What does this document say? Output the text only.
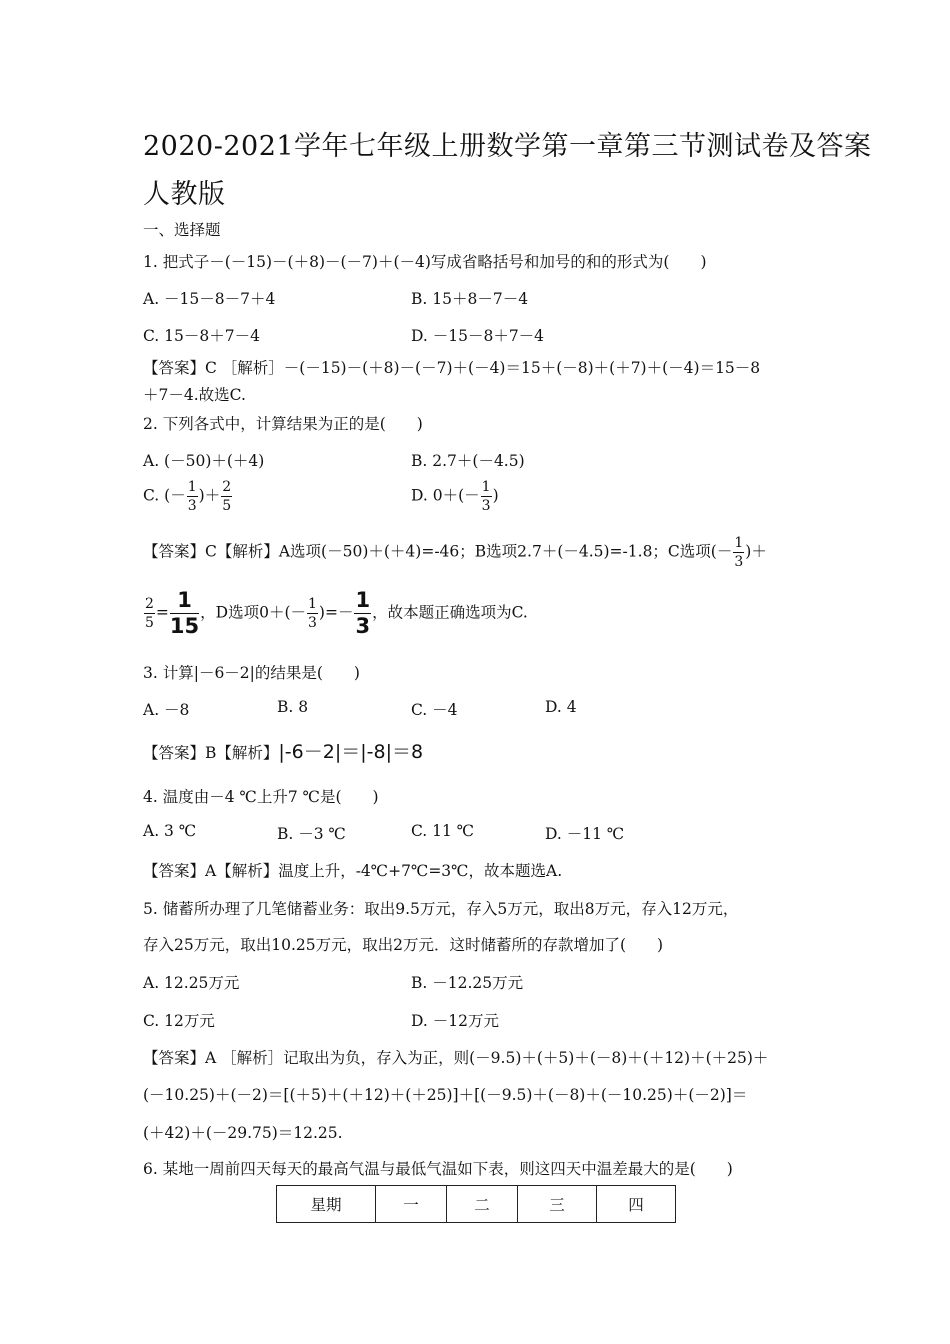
2020-2021学年七年级上册数学第一章第三节测试卷及答案
人教版
一、选择题
1. 把式子－(－15)－(＋8)－(－7)＋(－4)写成省略括号和加号的和的形式为(　　)
A. －15－8－7＋4	B. 15＋8－7－4
C. 15－8＋7－4	D. －15－8＋7－4
【答案】C ［解析］－(－15)－(＋8)－(－7)＋(－4)＝15＋(－8)＋(＋7)＋(－4)＝15－8
＋7－4.故选C.
2. 下列各式中，计算结果为正的是(　　)
A. (－50)＋(＋4)	B. 2.7＋(－4.5)
C. (－ $\frac{1}{3}$ )＋ $\frac{2}{5}$	D. $0+(- \frac{1}{3}$ )
【答案】C【解析】A选项(－50)＋(＋4)=-46；B选项2.7＋(－4.5)=-1.8；C选项(－ $\frac{1}{3}$ )＋
$\frac{2}{5} = \frac{1}{15}$ ，D选项$0+(- \frac{1}{3}$ )=－ $\frac{1}{3}$ ，故本题正确选项为C.
3. 计算|－6－2|的结果是(　　)
A. －8	B. 8	C. －4	D. 4
【答案】B【解析】|-6－2|＝|-8|＝8
4. 温度由－4 ℃上升7 ℃是(　　)
A. 3 ℃	B. －3 ℃	C. 11 ℃	D. －11 ℃
【答案】A【解析】温度上升，-4℃+7℃=3℃，故本题选A.
5. 储蓄所办理了几笔储蓄业务：取出9.5万元，存入5万元，取出8万元，存入12万元，
存入25万元，取出10.25万元，取出2万元．这时储蓄所的存款增加了(　　)
A. 12.25万元	B. －12.25万元
C. 12万元	D. －12万元
【答案】A ［解析］记取出为负，存入为正，则(－9.5)＋(＋5)＋(－8)＋(＋12)＋(＋25)＋
(－10.25)＋(－2)＝[(＋5)＋(＋12)＋(＋25)]＋[(－9.5)＋(－8)＋(－10.25)＋(－2)]＝
(＋42)＋(－29.75)＝12.25.
6. 某地一周前四天每天的最高气温与最低气温如下表，则这四天中温差最大的是(　　)
星期	一	二	三	四
